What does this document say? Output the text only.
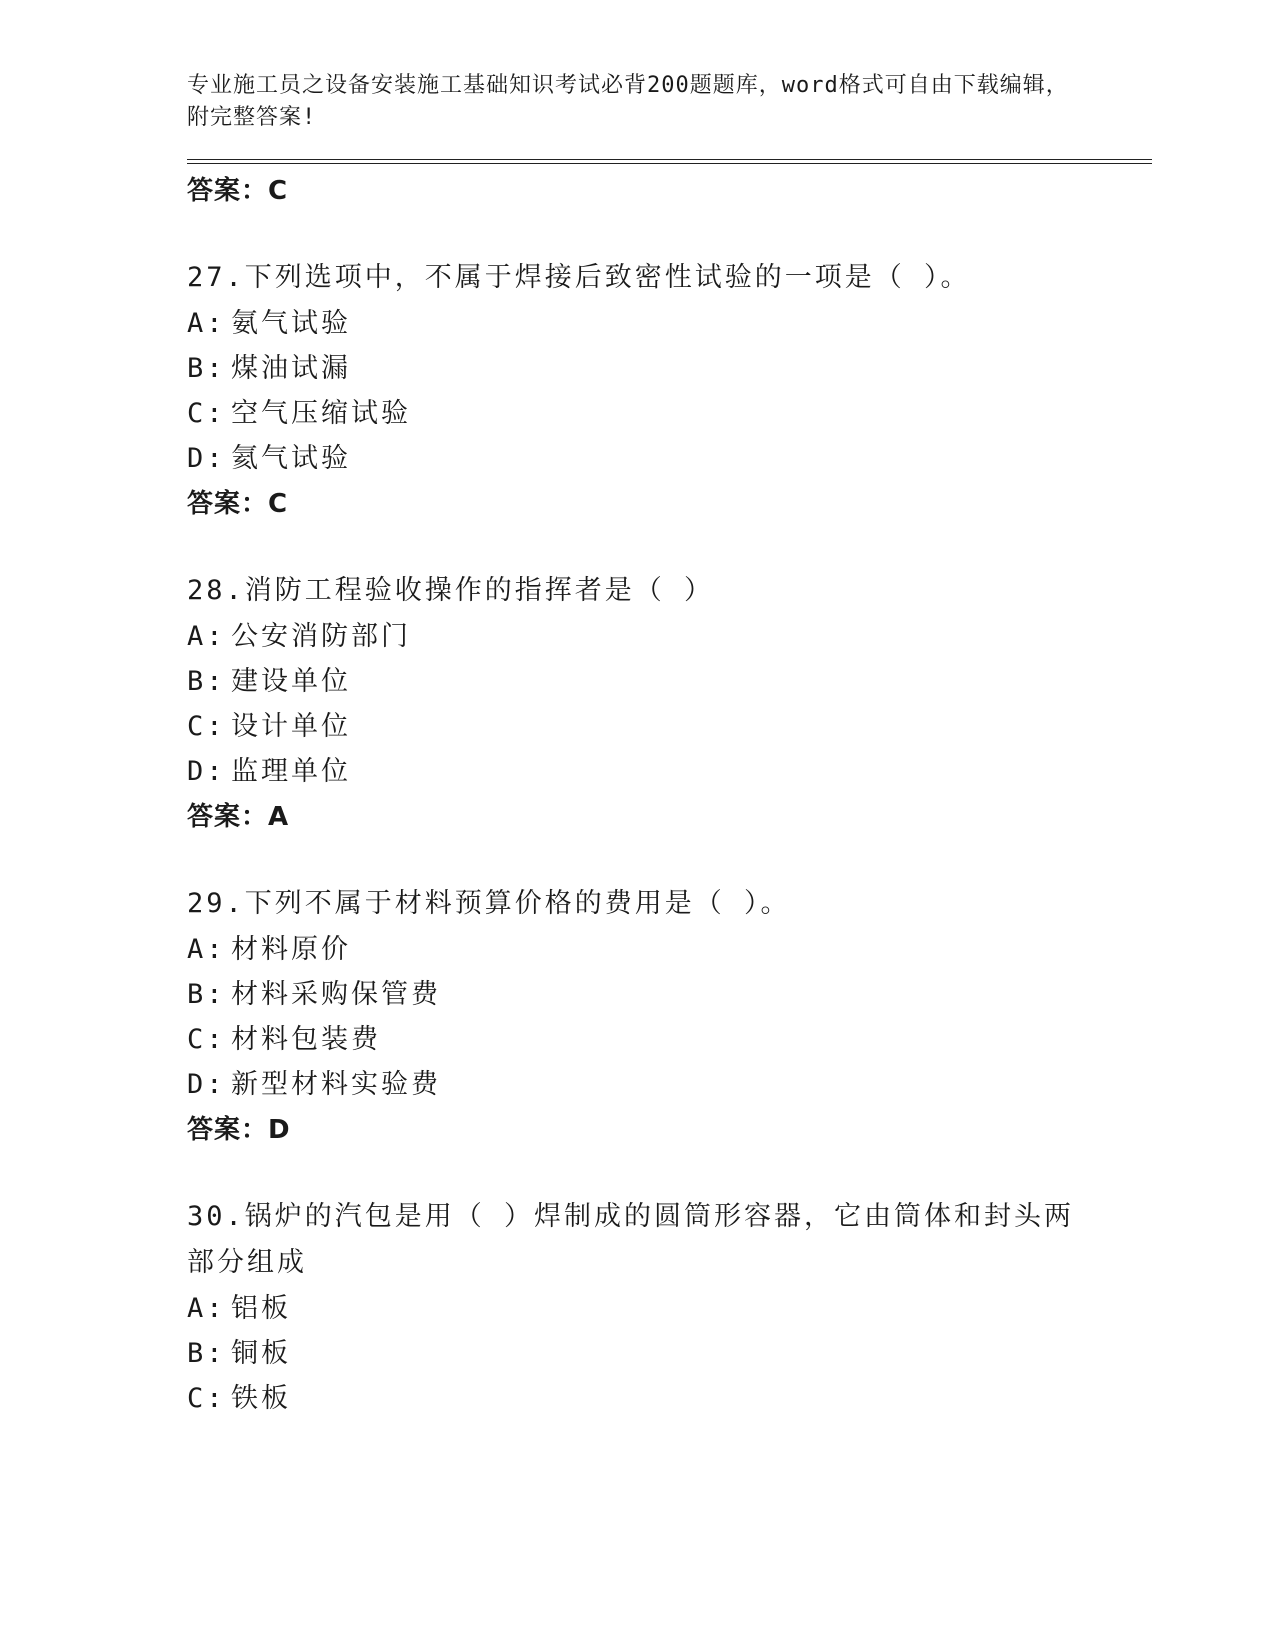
专业施工员之设备安装施工基础知识考试必背200题题库，word格式可自由下载编辑，附完整答案!
答案：C
27.下列选项中，不属于焊接后致密性试验的一项是（ ）。
A: 氨气试验
B: 煤油试漏
C: 空气压缩试验
D: 氦气试验
答案：C
28.消防工程验收操作的指挥者是（ ）
A: 公安消防部门
B: 建设单位
C: 设计单位
D: 监理单位
答案：A
29.下列不属于材料预算价格的费用是（ ）。
A: 材料原价
B: 材料采购保管费
C: 材料包装费
D: 新型材料实验费
答案：D
30.锅炉的汽包是用（ ）焊制成的圆筒形容器，它由筒体和封头两部分组成
A: 铝板
B: 铜板
C: 铁板
